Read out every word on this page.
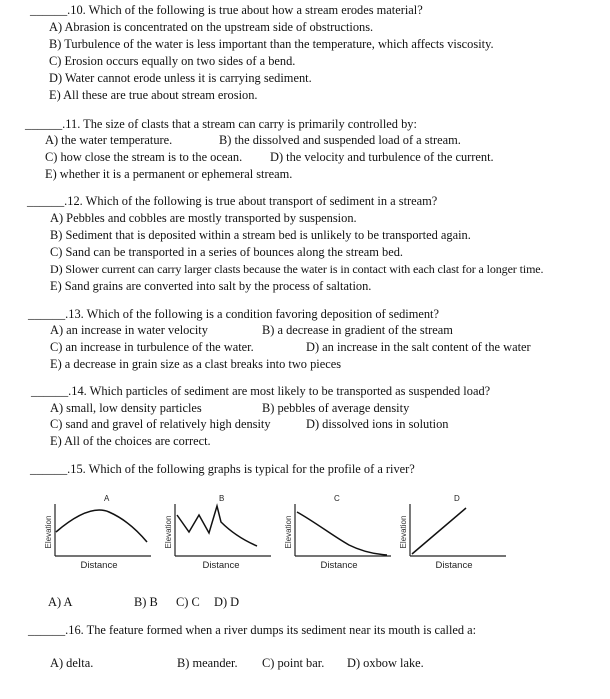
______.10. Which of the following is true about how a stream erodes material?
A) Abrasion is concentrated on the upstream side of obstructions.
B) Turbulence of the water is less important than the temperature, which affects viscosity.
C) Erosion occurs equally on two sides of a bend.
D) Water cannot erode unless it is carrying sediment.
E) All these are true about stream erosion.
______.11. The size of clasts that a stream can carry is primarily controlled by:
A) the water temperature.	B) the dissolved and suspended load of a stream.
C) how close the stream is to the ocean. D) the velocity and turbulence of the current.
E) whether it is a permanent or ephemeral stream.
______.12. Which of the following is true about transport of sediment in a stream?
A) Pebbles and cobbles are mostly transported by suspension.
B) Sediment that is deposited within a stream bed is unlikely to be transported again.
C) Sand can be transported in a series of bounces along the stream bed.
D) Slower current can carry larger clasts because the water is in contact with each clast for a longer time.
E) Sand grains are converted into salt by the process of saltation.
______.13. Which of the following is a condition favoring deposition of sediment?
A) an increase in water velocity	B) a decrease in gradient of the stream
C) an increase in turbulence of the water.	D) an increase in the salt content of the water
E) a decrease in grain size as a clast breaks into two pieces
______.14. Which particles of sediment are most likely to be transported as suspended load?
A) small, low density particles	B) pebbles of average density
C) sand and gravel of relatively high density	D) dissolved ions in solution
E) All of the choices are correct.
______.15. Which of the following graphs is typical for the profile of a river?
A
Elevation
Distance
B
Elevation
Distance
C
Elevation
Distance
D
Elevation
Distance
A) A	B) B C) C D) D
______.16. The feature formed when a river dumps its sediment near its mouth is called a:
A) delta.	B) meander. C) point bar. D) oxbow lake.
